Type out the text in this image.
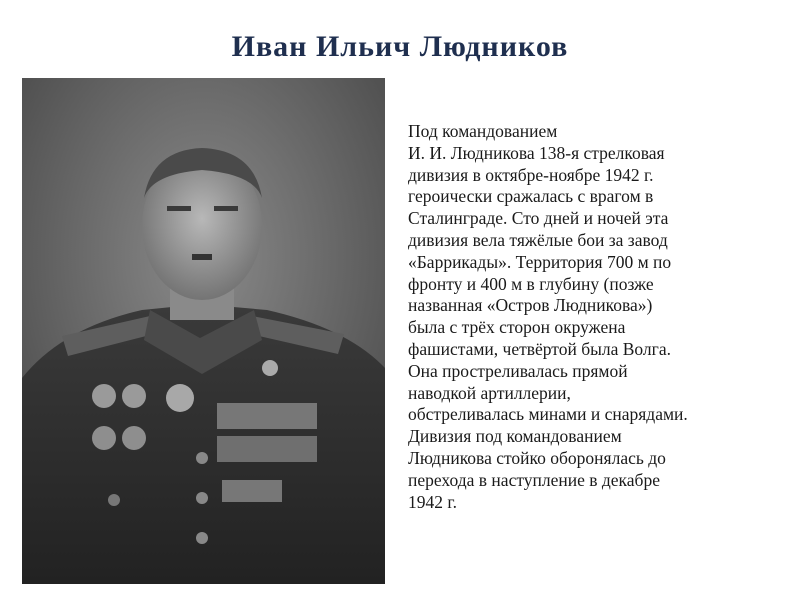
Иван Ильич Людников
Под командованием
И. И. Людникова 138-я стрелковая
дивизия в октябре-ноябре 1942 г.
героически сражалась с врагом в
Сталинграде. Сто дней и ночей эта
дивизия вела тяжёлые бои за завод
«Баррикады». Территория 700 м по
фронту и 400 м в глубину (позже
названная «Остров Людникова»)
была с трёх сторон окружена
фашистами, четвёртой была Волга.
Она простреливалась прямой
наводкой артиллерии,
обстреливалась минами и снарядами.
Дивизия под командованием
Людникова стойко оборонялась до
перехода в наступление в декабре
1942 г.
